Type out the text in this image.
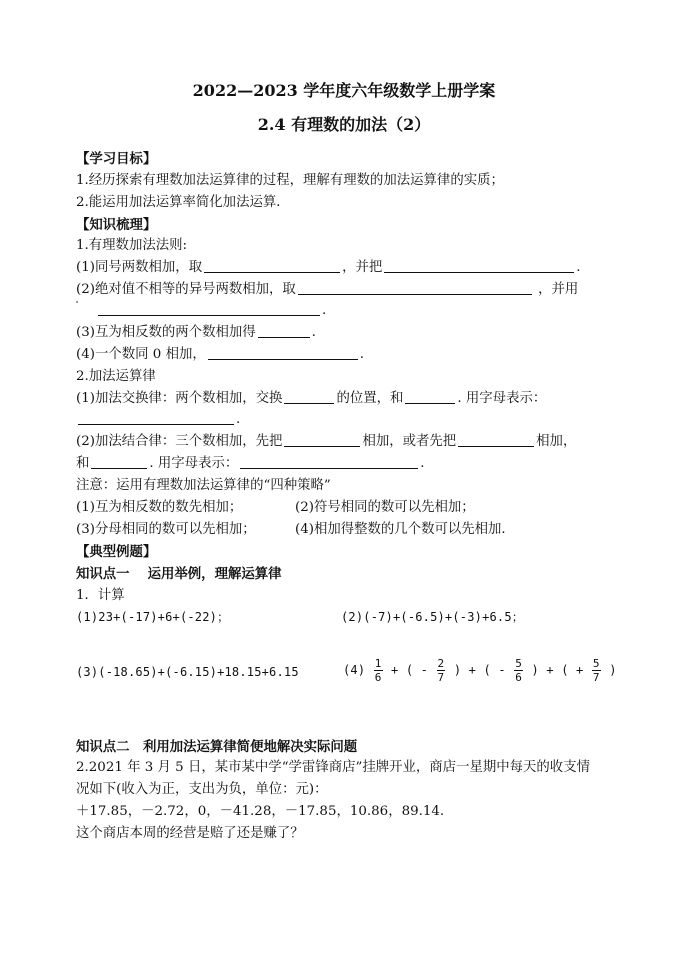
2022—2023 学年度六年级数学上册学案
2.4 有理数的加法（2）
【学习目标】
1.经历探索有理数加法运算律的过程，理解有理数的加法运算律的实质；
2.能运用加法运算率简化加法运算．
【知识梳理】
1.有理数加法法则:
(1)同号两数相加，取	，并把	.
(2)绝对值不相等的异号两数相加，取	，并用
.
(3)互为相反数的两个数相加得	.
(4)一个数同 0 相加，	.
2.加法运算律
(1)加法交换律：两个数相加，交换	的位置，和	. 用字母表示：
.
(2)加法结合律：三个数相加，先把	相加，或者先把	相加，
和	. 用字母表示：	.
注意：运用有理数加法运算律的“四种策略”
(1)互为相反数的数先相加；	(2)符号相同的数可以先相加；
(3)分母相同的数可以先相加；	(4)相加得整数的几个数可以先相加．
【典型例题】
知识点一　 运用举例，理解运算律
1．计算
(1)23+(-17)+6+(-22)；	(2)(-7)+(-6.5)+(-3)+6.5；
(3)(-18.65)+(-6.15)+18.15+6.15	$(4) \frac{1}{6}$ + ( - $\frac{2}{7}$ ) + ( - $\frac{5}{6}$ ) + ( + $\frac{5}{7}$ )
知识点二　利用加法运算律简便地解决实际问题
2.2021 年 3 月 5 日，某市某中学“学雷锋商店”挂牌开业，商店一星期中每天的收支情
况如下(收入为正，支出为负，单位：元)：
＋17.85，－2.72，0，－41.28，－17.85，10.86，89.14.
这个商店本周的经营是赔了还是赚了？
